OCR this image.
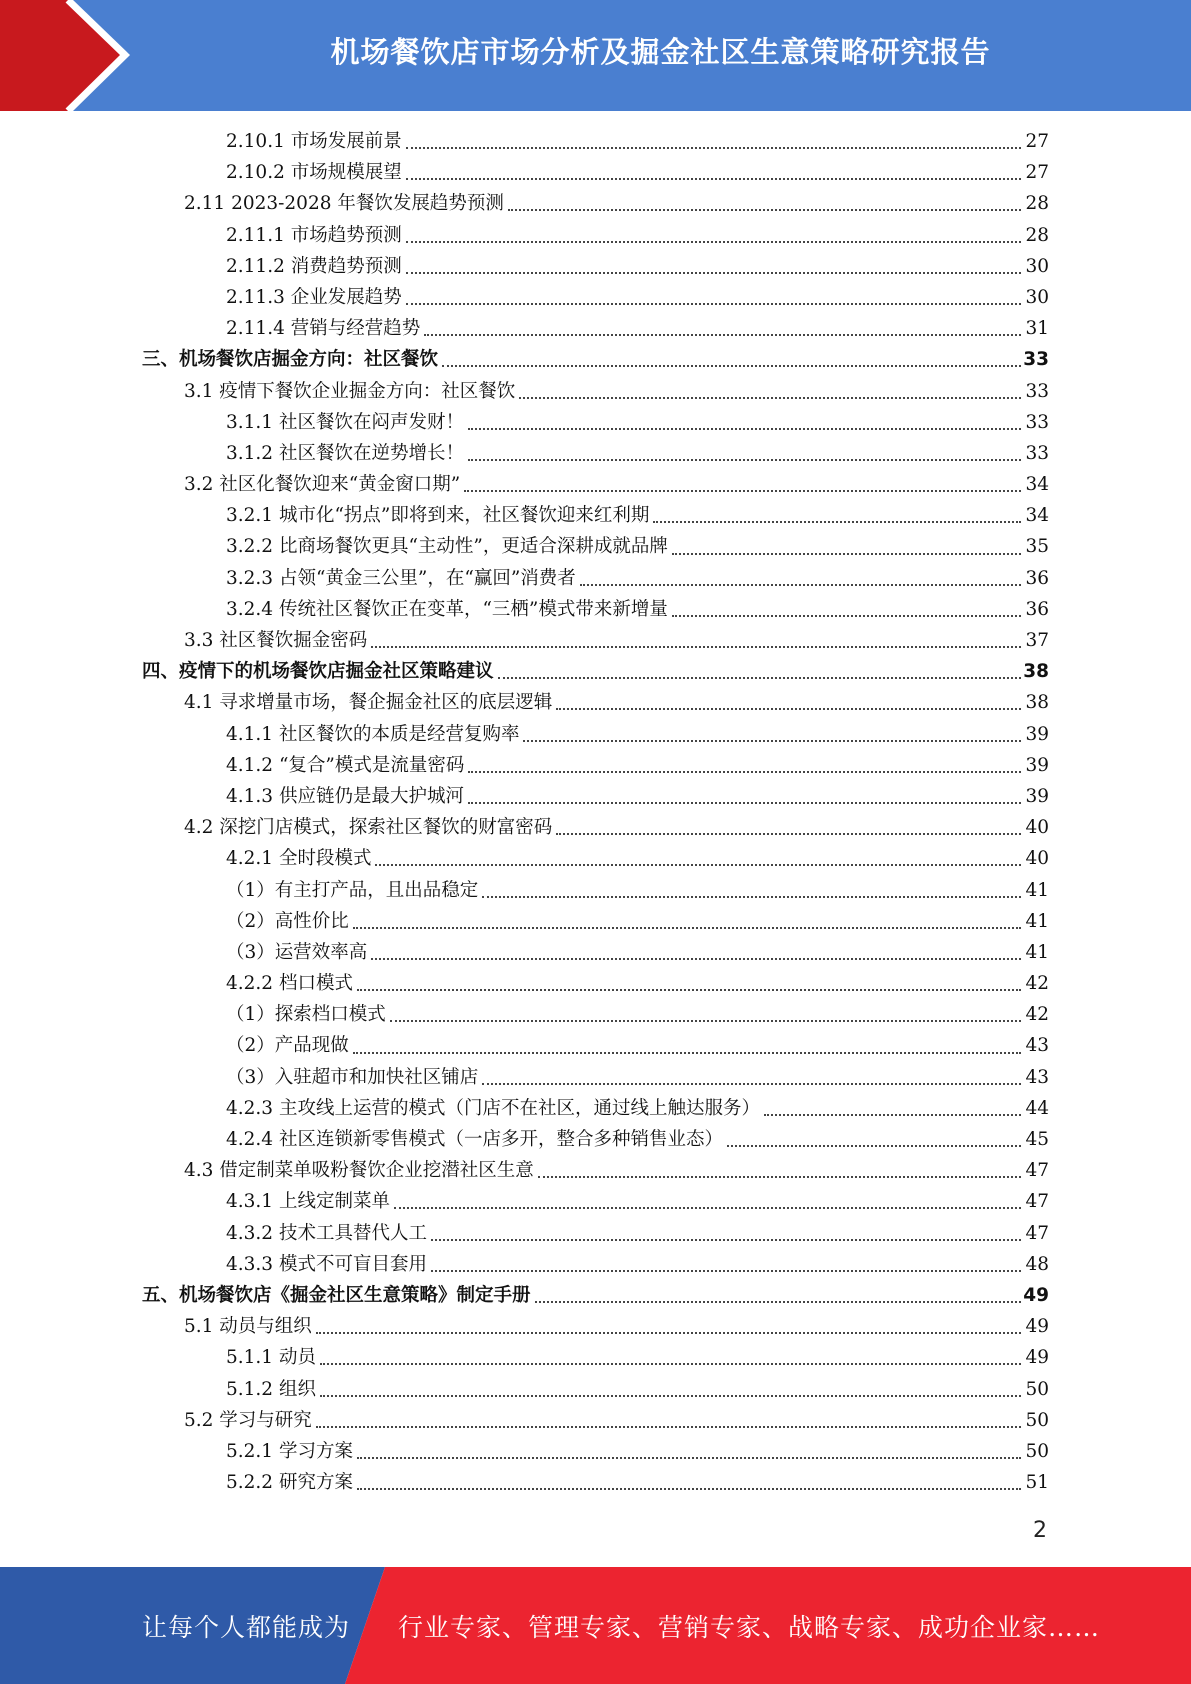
机场餐饮店市场分析及掘金社区生意策略研究报告
2.10.1 市场发展前景	27
2.10.2 市场规模展望	27
2.11 2023-2028 年餐饮发展趋势预测	28
2.11.1 市场趋势预测	28
2.11.2 消费趋势预测	30
2.11.3 企业发展趋势	30
2.11.4 营销与经营趋势	31
三、机场餐饮店掘金方向：社区餐饮	33
3.1 疫情下餐饮企业掘金方向：社区餐饮	33
3.1.1 社区餐饮在闷声发财！	33
3.1.2 社区餐饮在逆势增长！	33
3.2 社区化餐饮迎来“黄金窗口期”	34
3.2.1 城市化“拐点”即将到来，社区餐饮迎来红利期	34
3.2.2 比商场餐饮更具“主动性”，更适合深耕成就品牌	35
3.2.3 占领“黄金三公里”，在“赢回”消费者	36
3.2.4 传统社区餐饮正在变革，“三栖”模式带来新增量	36
3.3 社区餐饮掘金密码	37
四、疫情下的机场餐饮店掘金社区策略建议	38
4.1 寻求增量市场，餐企掘金社区的底层逻辑	38
4.1.1 社区餐饮的本质是经营复购率	39
4.1.2 “复合”模式是流量密码	39
4.1.3 供应链仍是最大护城河	39
4.2 深挖门店模式，探索社区餐饮的财富密码	40
4.2.1 全时段模式	40
（1）有主打产品，且出品稳定	41
（2）高性价比	41
（3）运营效率高	41
4.2.2 档口模式	42
（1）探索档口模式	42
（2）产品现做	43
（3）入驻超市和加快社区铺店	43
4.2.3 主攻线上运营的模式（门店不在社区，通过线上触达服务）	44
4.2.4 社区连锁新零售模式（一店多开，整合多种销售业态）	45
4.3 借定制菜单吸粉餐饮企业挖潜社区生意	47
4.3.1 上线定制菜单	47
4.3.2 技术工具替代人工	47
4.3.3 模式不可盲目套用	48
五、机场餐饮店《掘金社区生意策略》制定手册	49
5.1 动员与组织	49
5.1.1 动员	49
5.1.2 组织	50
5.2 学习与研究	50
5.2.1 学习方案	50
5.2.2 研究方案	51
2
让每个人都能成为 行业专家、管理专家、营销专家、战略专家、成功企业家……
